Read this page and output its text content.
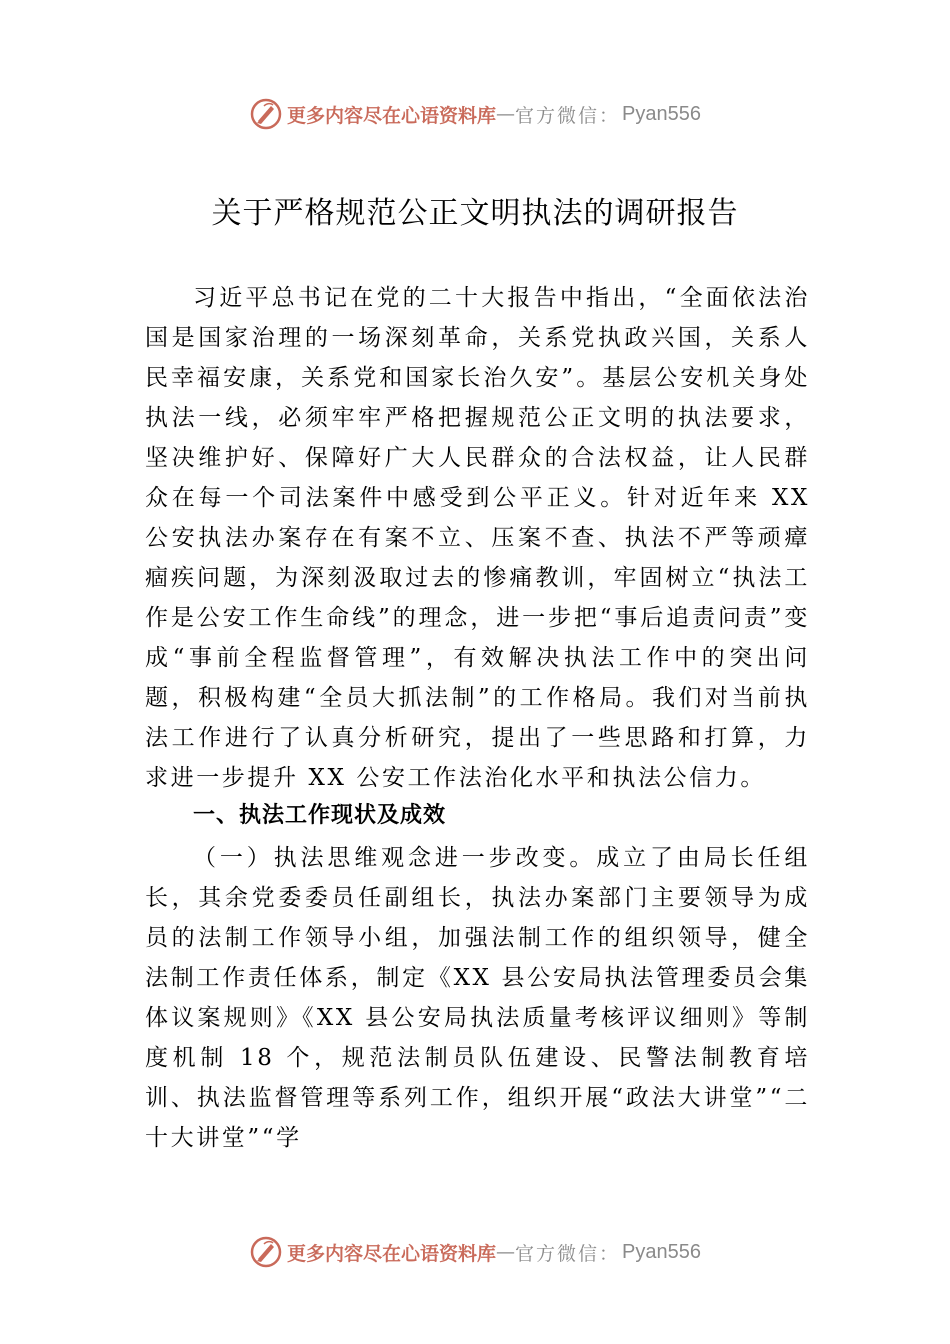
更多内容尽在心语资料库 — 官方微信： Pyan556
关于严格规范公正文明执法的调研报告

习近平总书记在党的二十大报告中指出，“全面依法治国是国家治理的一场深刻革命，关系党执政兴国，关系人民幸福安康，关系党和国家长治久安”。基层公安机关身处执法一线，必须牢牢严格把握规范公正文明的执法要求，坚决维护好、保障好广大人民群众的合法权益，让人民群众在每一个司法案件中感受到公平正义。针对近年来 XX 公安执法办案存在有案不立、压案不查、执法不严等顽瘴痼疾问题，为深刻汲取过去的惨痛教训，牢固树立“执法工作是公安工作生命线”的理念，进一步把“事后追责问责”变成“事前全程监督管理”，有效解决执法工作中的突出问题，积极构建“全员大抓法制”的工作格局。我们对当前执法工作进行了认真分析研究，提出了一些思路和打算，力求进一步提升 XX 公安工作法治化水平和执法公信力。

一、执法工作现状及成效

（一）执法思维观念进一步改变。成立了由局长任组长，其余党委委员任副组长，执法办案部门主要领导为成员的法制工作领导小组，加强法制工作的组织领导，健全法制工作责任体系，制定《XX 县公安局执法管理委员会集体议案规则》《XX 县公安局执法质量考核评议细则》等制度机制 18 个，规范法制员队伍建设、民警法制教育培训、执法监督管理等系列工作，组织开展“政法大讲堂”“二十大讲堂”“学

更多内容尽在心语资料库 — 官方微信： Pyan556
